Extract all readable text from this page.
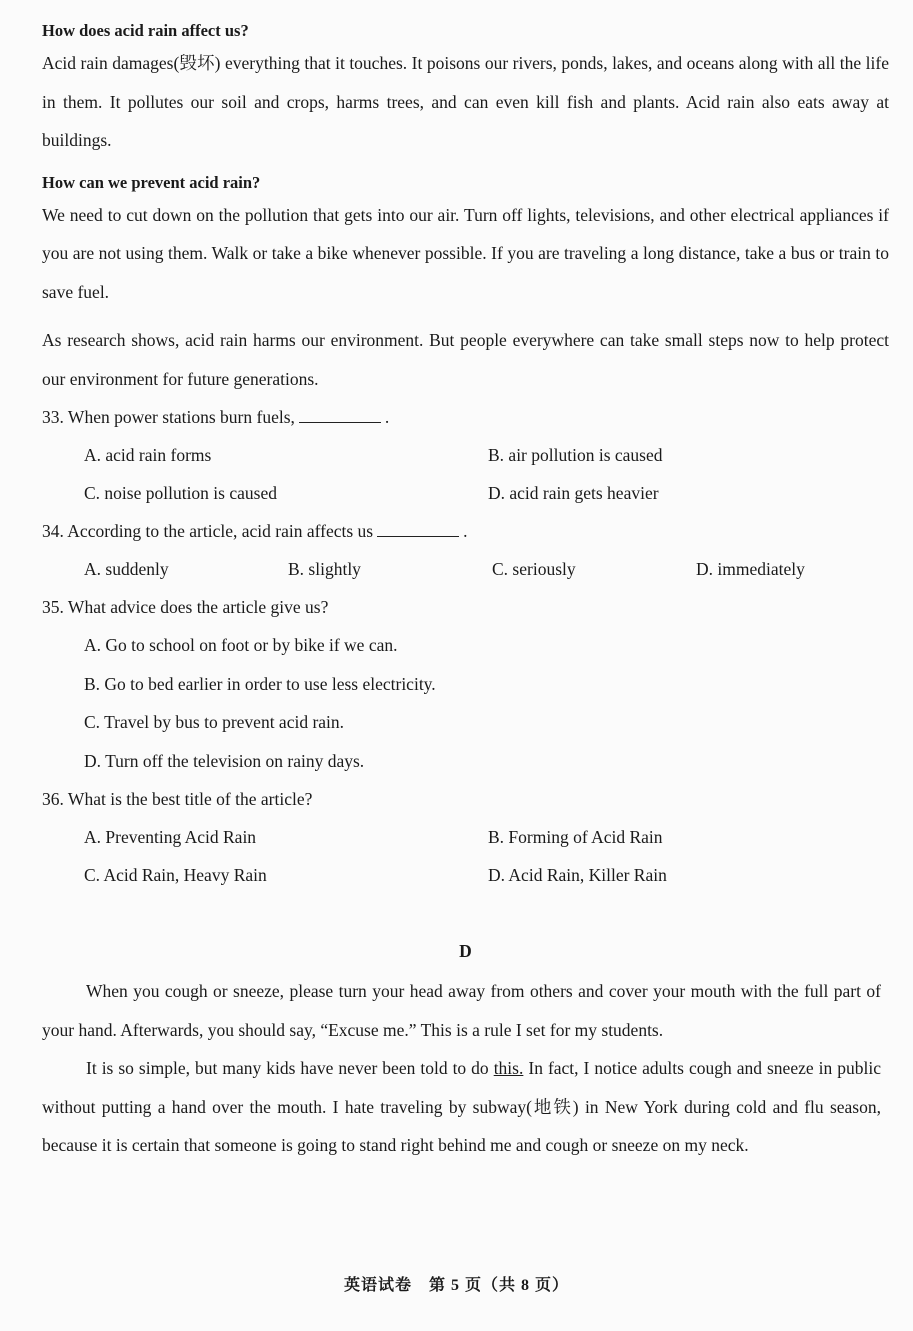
How does acid rain affect us?

Acid rain damages(毁坏) everything that it touches. It poisons our rivers, ponds, lakes, and oceans along with all the life in them. It pollutes our soil and crops, harms trees, and can even kill fish and plants. Acid rain also eats away at buildings.

How can we prevent acid rain?

We need to cut down on the pollution that gets into our air. Turn off lights, televisions, and other electrical appliances if you are not using them. Walk or take a bike whenever possible. If you are traveling a long distance, take a bus or train to save fuel.

As research shows, acid rain harms our environment. But people everywhere can take small steps now to help protect our environment for future generations.

33. When power stations burn fuels,	.

A. acid rain forms	B. air pollution is caused
C. noise pollution is caused	D. acid rain gets heavier

34. According to the article, acid rain affects us	.

A. suddenly	B. slightly	C. seriously	D. immediately

35. What advice does the article give us?

A. Go to school on foot or by bike if we can.
B. Go to bed earlier in order to use less electricity.
C. Travel by bus to prevent acid rain.
D. Turn off the television on rainy days.

36. What is the best title of the article?

A. Preventing Acid Rain	B. Forming of Acid Rain
C. Acid Rain, Heavy Rain	D. Acid Rain, Killer Rain

D

When you cough or sneeze, please turn your head away from others and cover your mouth with the full part of your hand. Afterwards, you should say, “Excuse me.” This is a rule I set for my students.

It is so simple, but many kids have never been told to do this. In fact, I notice adults cough and sneeze in public without putting a hand over the mouth. I hate traveling by subway(地铁) in New York during cold and flu season, because it is certain that someone is going to stand right behind me and cough or sneeze on my neck.

英语试卷　第 5 页（共 8 页）
